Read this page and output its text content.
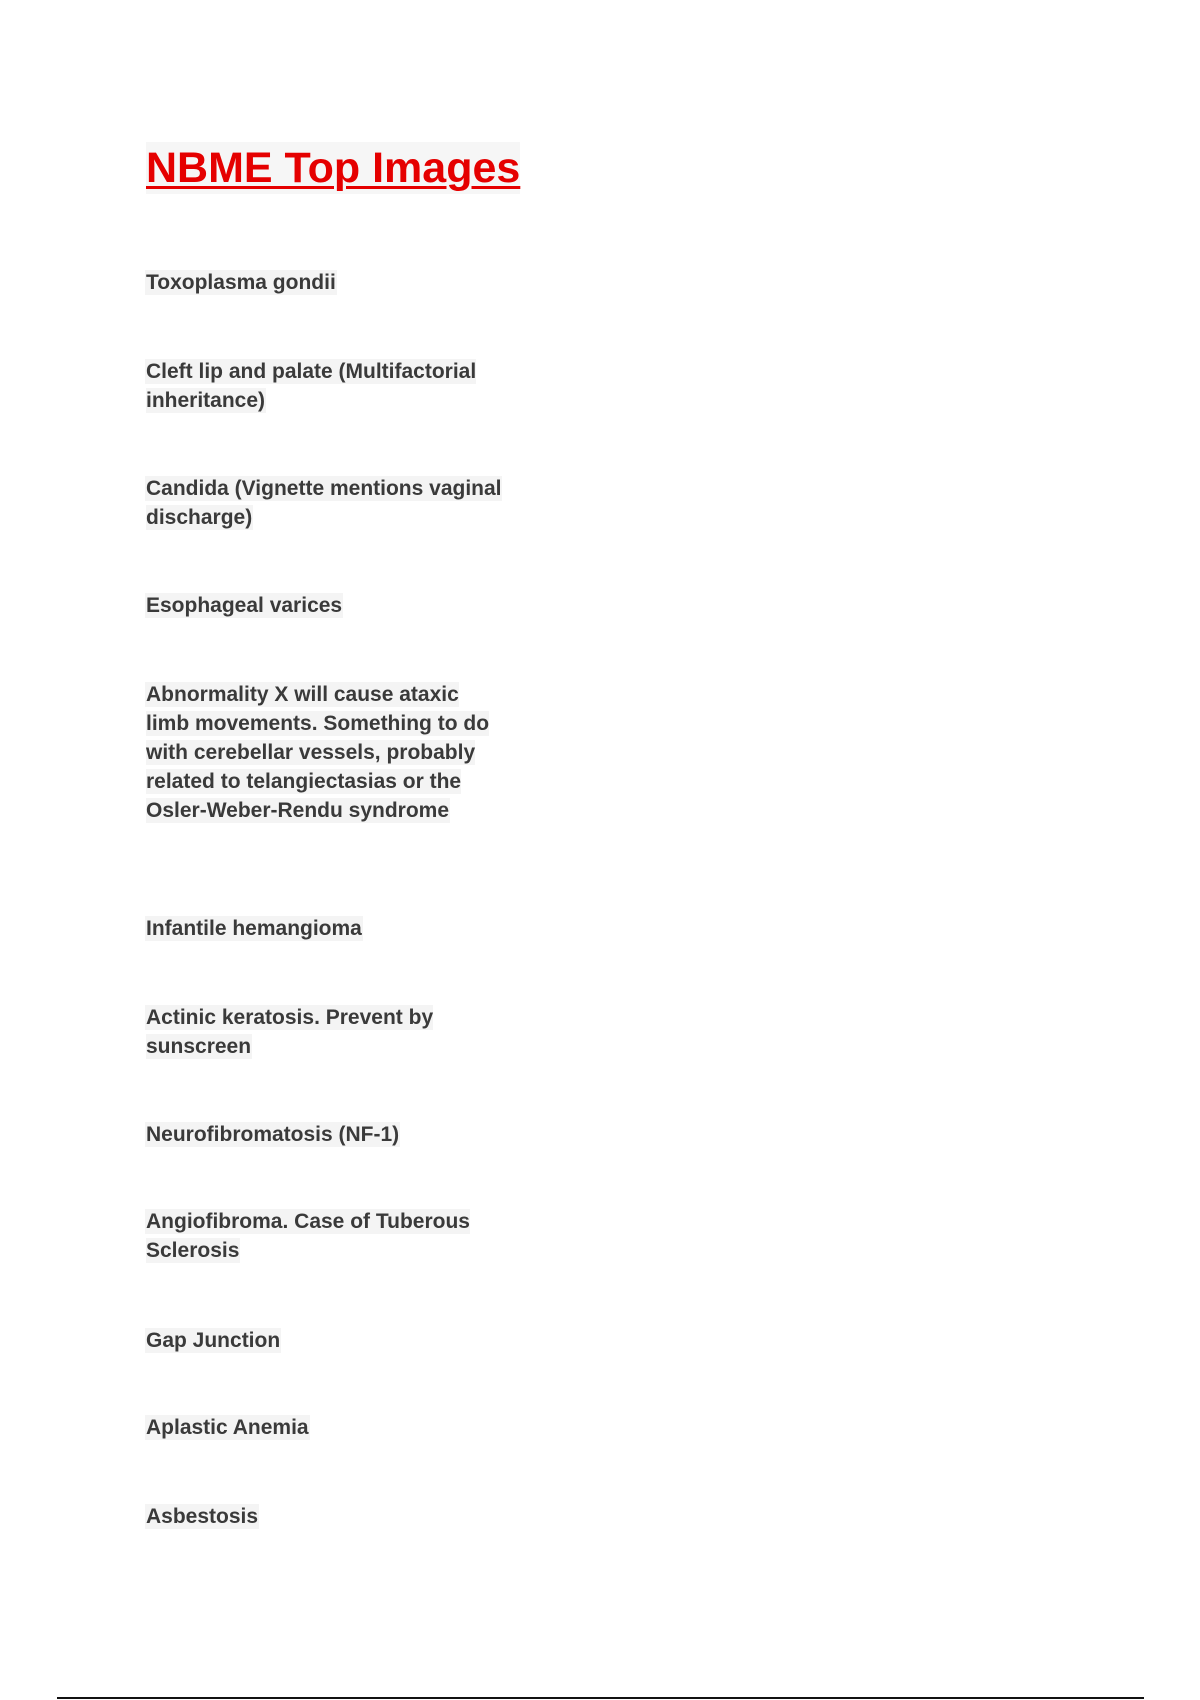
NBME Top Images

Toxoplasma gondii

Cleft lip and palate (Multifactorial inheritance)

Candida (Vignette mentions vaginal discharge)

Esophageal varices

Abnormality X will cause ataxic limb movements. Something to do with cerebellar vessels, probably related to telangiectasias or the Osler-Weber-Rendu syndrome

Infantile hemangioma

Actinic keratosis. Prevent by sunscreen

Neurofibromatosis (NF-1)

Angiofibroma. Case of Tuberous Sclerosis

Gap Junction

Aplastic Anemia

Asbestosis
